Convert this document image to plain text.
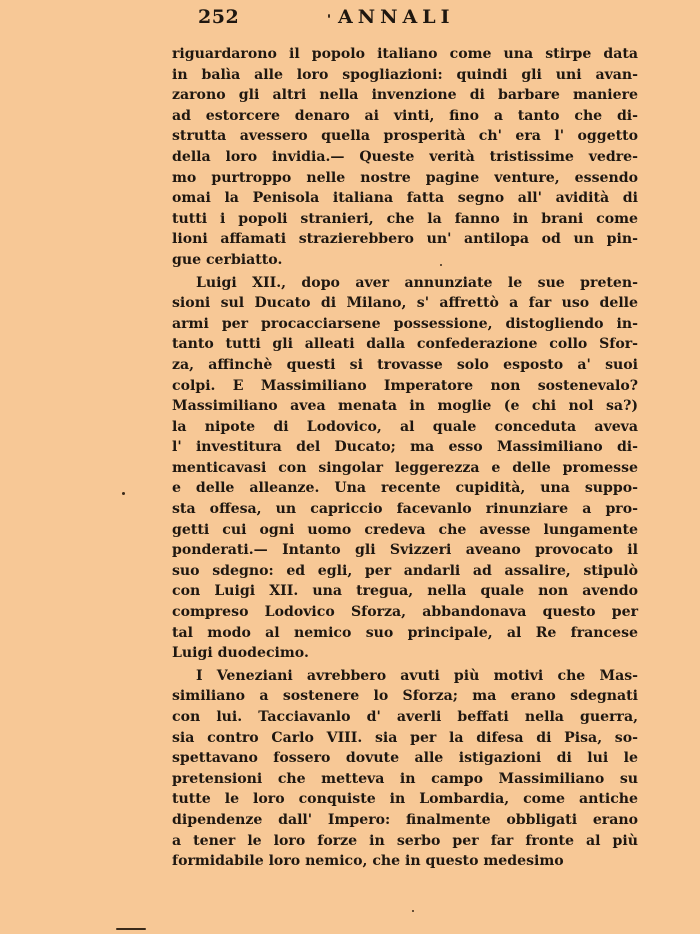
252	ANNALI
riguardarono il popolo italiano come una stirpe data
in balìa alle loro spogliazioni: quindi gli uni avan-
zarono gli altri nella invenzione di barbare maniere
ad estorcere denaro ai vinti, fino a tanto che di-
strutta avessero quella prosperità ch' era l' oggetto
della loro invidia.— Queste verità tristissime vedre-
mo purtroppo nelle nostre pagine venture, essendo
omai la Penisola italiana fatta segno all' avidità di
tutti i popoli stranieri, che la fanno in brani come
lioni affamati strazierebbero un' antilopa od un pin-
gue cerbiatto.
Luigi XII., dopo aver annunziate le sue preten-
sioni sul Ducato di Milano, s' affrettò a far uso delle
armi per procacciarsene possessione, distogliendo in-
tanto tutti gli alleati dalla confederazione collo Sfor-
za, affinchè questi si trovasse solo esposto a' suoi
colpi. E Massimiliano Imperatore non sostenevalo?
Massimiliano avea menata in moglie (e chi nol sa?)
la nipote di Lodovico, al quale conceduta aveva
l' investitura del Ducato; ma esso Massimiliano di-
menticavasi con singolar leggerezza e delle promesse
e delle alleanze. Una recente cupidità, una suppo-
sta offesa, un capriccio facevanlo rinunziare a pro-
getti cui ogni uomo credeva che avesse lungamente
ponderati.— Intanto gli Svizzeri aveano provocato il
suo sdegno: ed egli, per andarli ad assalire, stipulò
con Luigi XII. una tregua, nella quale non avendo
compreso Lodovico Sforza, abbandonava questo per
tal modo al nemico suo principale, al Re francese
Luigi duodecimo.
I Veneziani avrebbero avuti più motivi che Mas-
similiano a sostenere lo Sforza; ma erano sdegnati
con lui. Tacciavanlo d' averli beffati nella guerra,
sia contro Carlo VIII. sia per la difesa di Pisa, so-
spettavano fossero dovute alle istigazioni di lui le
pretensioni che metteva in campo Massimiliano su
tutte le loro conquiste in Lombardia, come antiche
dipendenze dall' Impero: finalmente obbligati erano
a tener le loro forze in serbo per far fronte al più
formidabile loro nemico, che in questo medesimo
